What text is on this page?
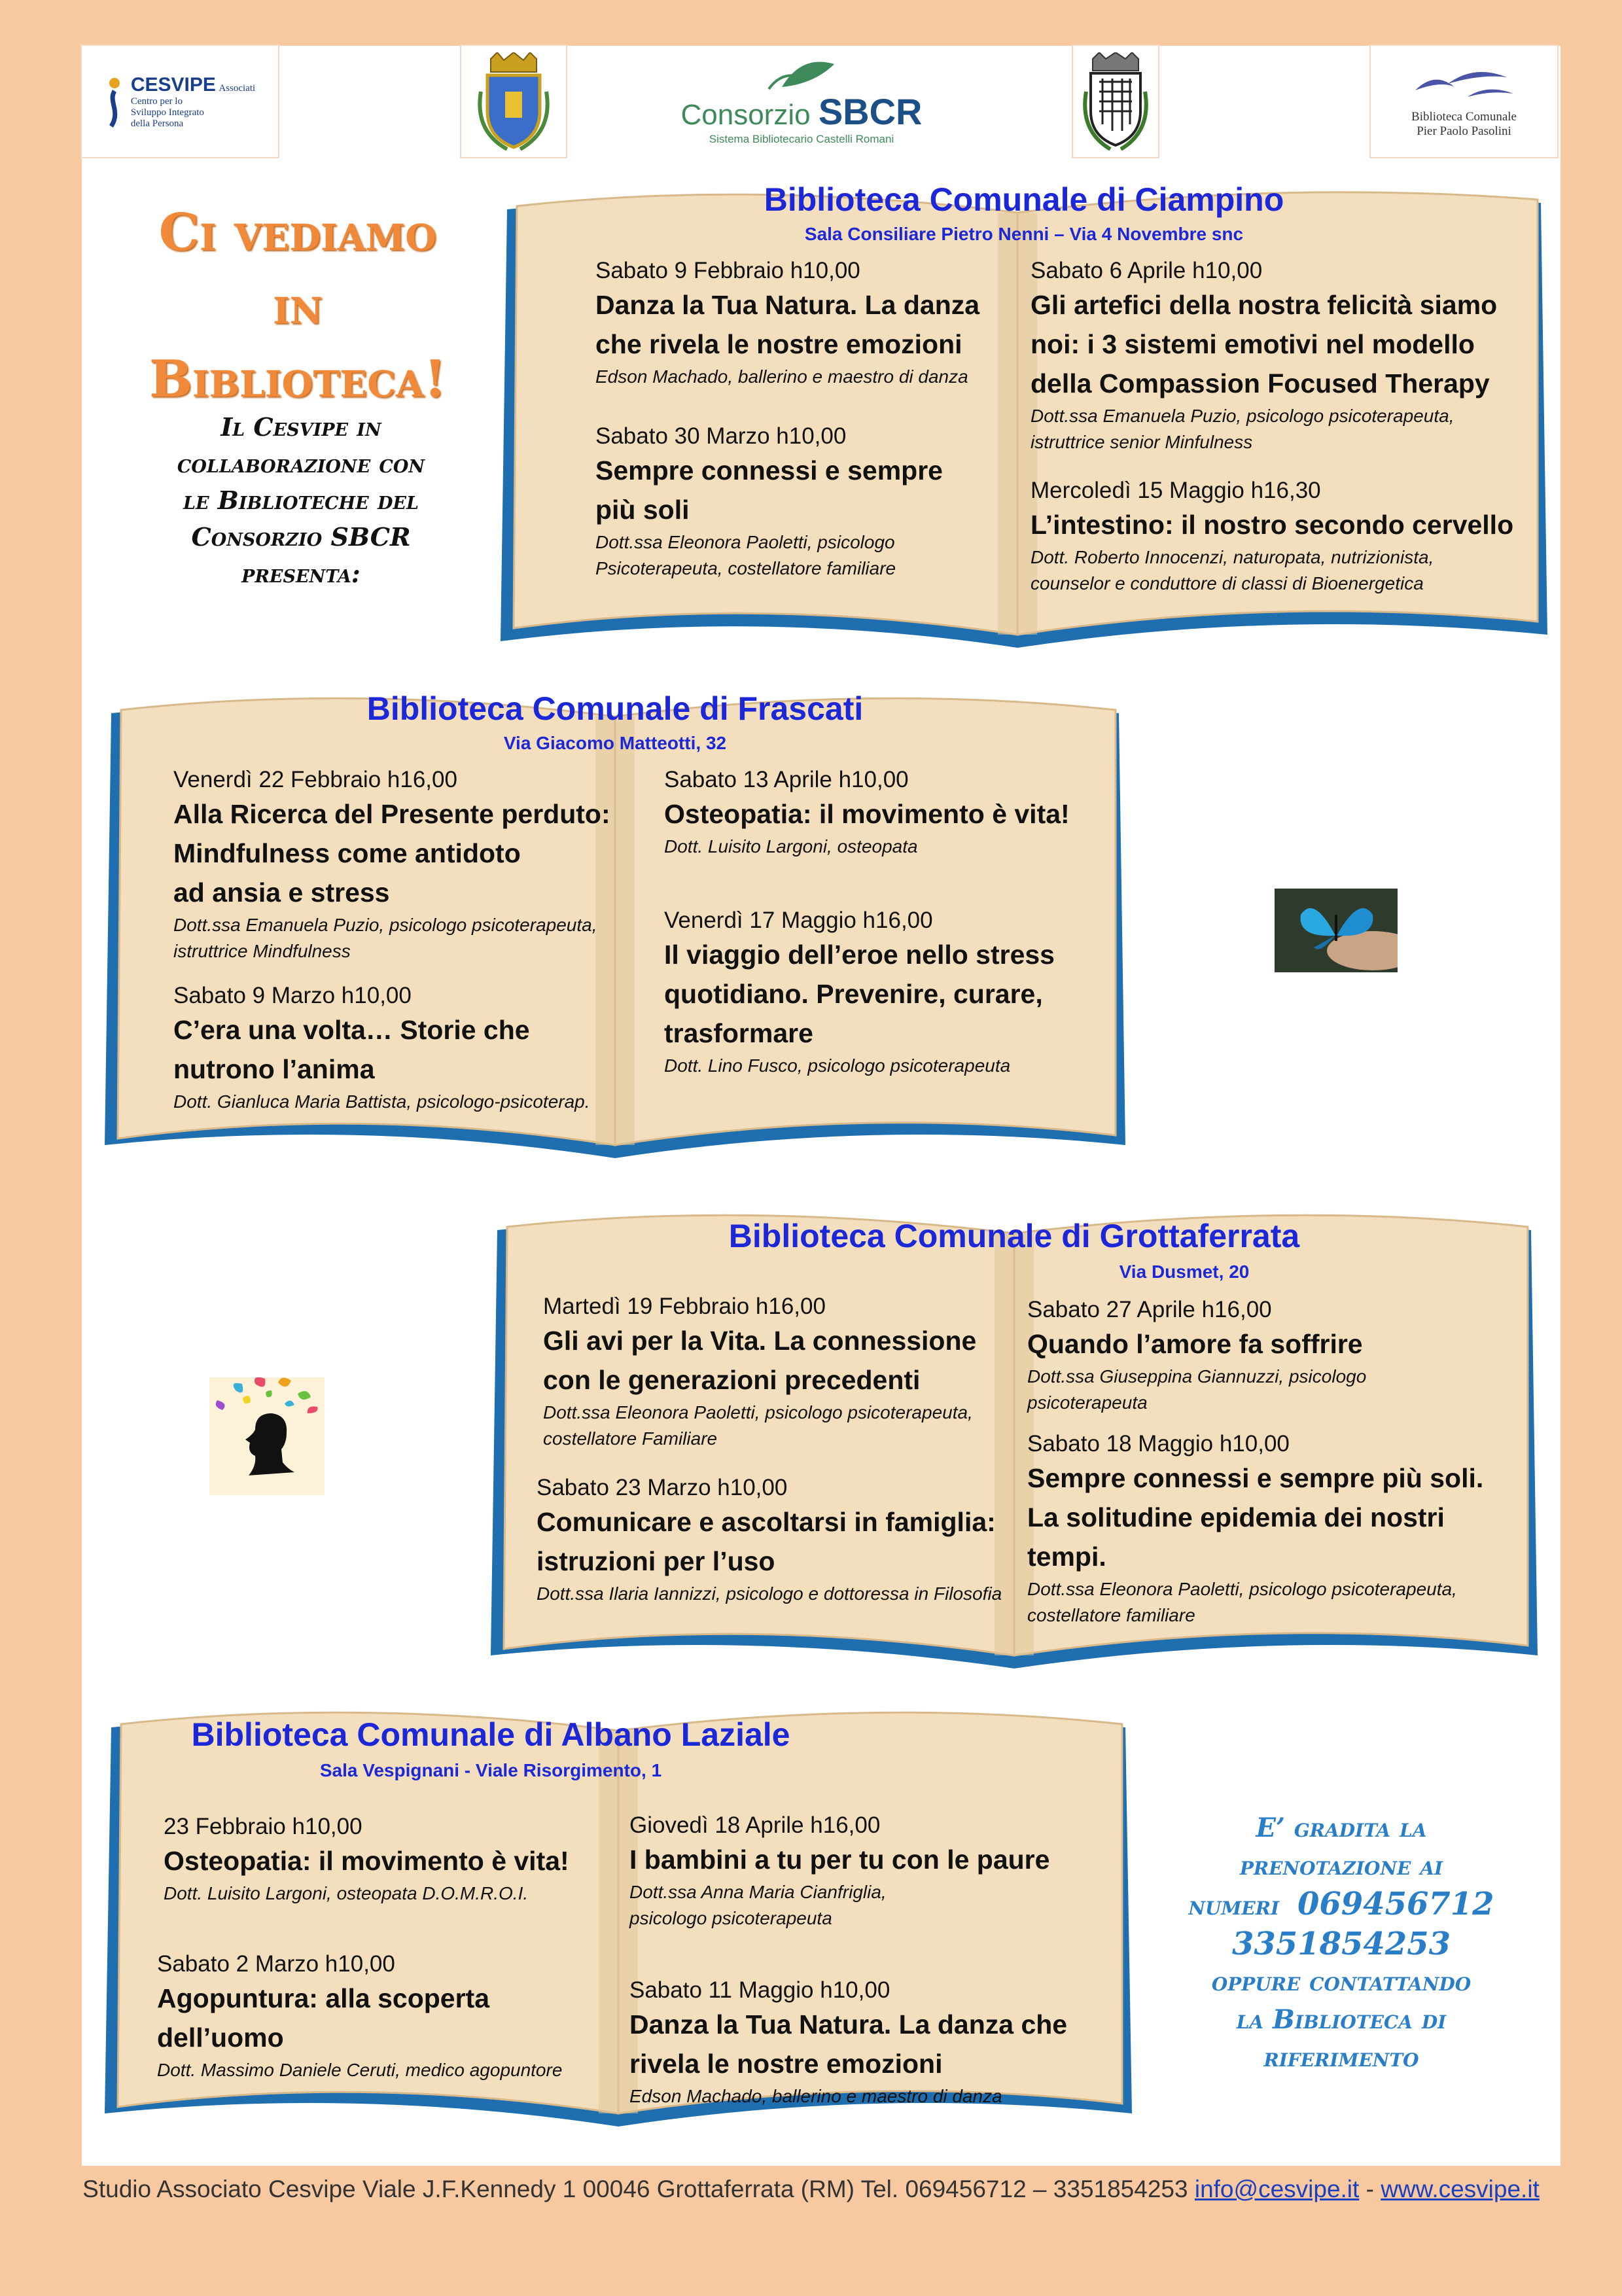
CESVIPE Associati
Centro per lo
Sviluppo Integrato
della Persona	Consorzio SBCR
Sistema Bibliotecario Castelli Romani
Biblioteca Comunale
Pier Paolo Pasolini
Ci vediamo
in
Biblioteca!
Il Cesvipe in
collaborazione con
le Biblioteche del
Consorzio SBCR
presenta:
Biblioteca Comunale di Ciampino
Sala Consiliare Pietro Nenni – Via 4 Novembre snc
Sabato 9 Febbraio h10,00
Danza la Tua Natura. La danza
che rivela le nostre emozioni
Edson Machado, ballerino e maestro di danza
Sabato 30 Marzo h10,00
Sempre connessi e sempre
più soli
Dott.ssa Eleonora Paoletti, psicologo
Psicoterapeuta, costellatore familiare
Sabato 6 Aprile h10,00
Gli artefici della nostra felicità siamo
noi: i 3 sistemi emotivi nel modello
della Compassion Focused Therapy
Dott.ssa Emanuela Puzio, psicologo psicoterapeuta,
istruttrice senior Minfulness
Mercoledì 15 Maggio h16,30
L’intestino: il nostro secondo cervello
Dott. Roberto Innocenzi, naturopata, nutrizionista,
counselor e conduttore di classi di Bioenergetica
Biblioteca Comunale di Frascati
Via Giacomo Matteotti, 32
Venerdì 22 Febbraio h16,00
Alla Ricerca del Presente perduto:
Mindfulness come antidoto
ad ansia e stress
Dott.ssa Emanuela Puzio, psicologo psicoterapeuta,
istruttrice Mindfulness
Sabato 9 Marzo h10,00
C’era una volta… Storie che
nutrono l’anima
Dott. Gianluca Maria Battista, psicologo-psicoterap.
Sabato 13 Aprile h10,00
Osteopatia: il movimento è vita!
Dott. Luisito Largoni, osteopata
Venerdì 17 Maggio h16,00
Il viaggio dell’eroe nello stress
quotidiano. Prevenire, curare,
trasformare
Dott. Lino Fusco, psicologo psicoterapeuta
Biblioteca Comunale di Grottaferrata
Via Dusmet, 20
Martedì 19 Febbraio h16,00
Gli avi per la Vita. La connessione
con le generazioni precedenti
Dott.ssa Eleonora Paoletti, psicologo psicoterapeuta,
costellatore Familiare
Sabato 23 Marzo h10,00
Comunicare e ascoltarsi in famiglia:
istruzioni per l’uso
Dott.ssa Ilaria Iannizzi, psicologo e dottoressa in Filosofia
Sabato 27 Aprile h16,00
Quando l’amore fa soffrire
Dott.ssa Giuseppina Giannuzzi, psicologo
psicoterapeuta
Sabato 18 Maggio h10,00
Sempre connessi e sempre più soli.
La solitudine epidemia dei nostri
tempi.
Dott.ssa Eleonora Paoletti, psicologo psicoterapeuta,
costellatore familiare
Biblioteca Comunale di Albano Laziale
Sala Vespignani - Viale Risorgimento, 1
23 Febbraio h10,00
Osteopatia: il movimento è vita!
Dott. Luisito Largoni, osteopata D.O.M.R.O.I.
Sabato 2 Marzo h10,00
Agopuntura: alla scoperta
dell’uomo
Dott. Massimo Daniele Ceruti, medico agopuntore
Giovedì 18 Aprile h16,00
I bambini a tu per tu con le paure
Dott.ssa Anna Maria Cianfriglia,
psicologo psicoterapeuta
Sabato 11 Maggio h10,00
Danza la Tua Natura. La danza che
rivela le nostre emozioni
Edson Machado, ballerino e maestro di danza
E’ gradita la
prenotazione ai
numeri 069456712
3351854253
oppure contattando
la Biblioteca di
riferimento
Studio Associato Cesvipe Viale J.F.Kennedy 1 00046 Grottaferrata (RM) Tel. 069456712 – 3351854253 info@cesvipe.it - www.cesvipe.it
